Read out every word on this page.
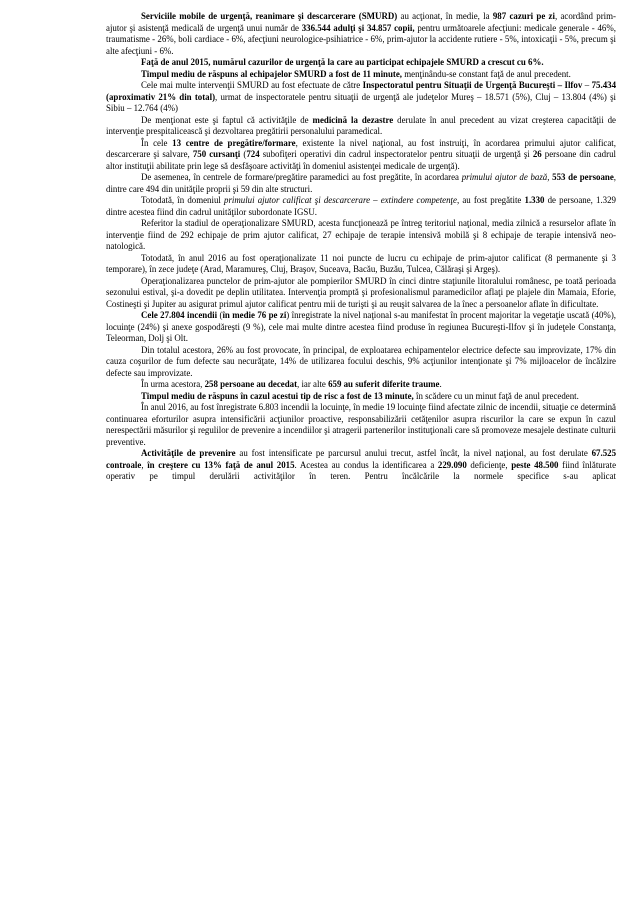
Serviciile mobile de urgenţă, reanimare şi descarcerare (SMURD) au acţionat, în medie, la 987 cazuri pe zi, acordând prim-ajutor şi asistenţă medicală de urgenţă unui număr de 336.544 adulţi şi 34.857 copii, pentru următoarele afecţiuni: medicale generale - 46%, traumatisme - 26%, boli cardiace - 6%, afecţiuni neurologice-psihiatrice - 6%, prim-ajutor la accidente rutiere - 5%, intoxicaţii - 5%, precum şi alte afecţiuni - 6%.

Faţă de anul 2015, numărul cazurilor de urgenţă la care au participat echipajele SMURD a crescut cu 6%.

Timpul mediu de răspuns al echipajelor SMURD a fost de 11 minute, menţinându-se constant faţă de anul precedent.

Cele mai multe intervenţii SMURD au fost efectuate de către Inspectoratul pentru Situaţii de Urgenţă Bucureşti – Ilfov – 75.434 (aproximativ 21% din total), urmat de inspectoratele pentru situaţii de urgenţă ale judeţelor Mureş – 18.571 (5%), Cluj – 13.804 (4%) şi Sibiu – 12.764 (4%)

De menţionat este şi faptul că activităţile de medicină la dezastre derulate în anul precedent au vizat creşterea capacităţii de intervenţie prespitalicească şi dezvoltarea pregătirii personalului paramedical.

În cele 13 centre de pregătire/formare, existente la nivel naţional, au fost instruiţi, în acordarea primului ajutor calificat, descarcerare şi salvare, 750 cursanţi (724 subofiţeri operativi din cadrul inspectoratelor pentru situaţii de urgenţă şi 26 persoane din cadrul altor instituţii abilitate prin lege să desfăşoare activităţi în domeniul asistenţei medicale de urgenţă).

De asemenea, în centrele de formare/pregătire paramedici au fost pregătite, în acordarea primului ajutor de bază, 553 de persoane, dintre care 494 din unităţile proprii şi 59 din alte structuri.

Totodată, în domeniul primului ajutor calificat şi descarcerare – extindere competenţe, au fost pregătite 1.330 de persoane, 1.329 dintre acestea fiind din cadrul unităţilor subordonate IGSU.

Referitor la stadiul de operaţionalizare SMURD, acesta funcţionează pe întreg teritoriul naţional, media zilnică a resurselor aflate în intervenţie fiind de 292 echipaje de prim ajutor calificat, 27 echipaje de terapie intensivă mobilă şi 8 echipaje de terapie intensivă neo-natologică.

Totodată, în anul 2016 au fost operaţionalizate 11 noi puncte de lucru cu echipaje de prim-ajutor calificat (8 permanente şi 3 temporare), în zece judeţe (Arad, Maramureş, Cluj, Braşov, Suceava, Bacău, Buzău, Tulcea, Călăraşi şi Argeş).

Operaţionalizarea punctelor de prim-ajutor ale pompierilor SMURD în cinci dintre staţiunile litoralului românesc, pe toată perioada sezonului estival, şi-a dovedit pe deplin utilitatea. Intervenţia promptă şi profesionalismul paramedicilor aflaţi pe plajele din Mamaia, Eforie, Costineşti şi Jupiter au asigurat primul ajutor calificat pentru mii de turişti şi au reuşit salvarea de la înec a persoanelor aflate în dificultate.

Cele 27.804 incendii (în medie 76 pe zi) înregistrate la nivel naţional s-au manifestat în procent majoritar la vegetaţie uscată (40%), locuinţe (24%) şi anexe gospodăreşti (9 %), cele mai multe dintre acestea fiind produse în regiunea Bucureşti-Ilfov şi în judeţele Constanţa, Teleorman, Dolj şi Olt.

Din totalul acestora, 26% au fost provocate, în principal, de exploatarea echipamentelor electrice defecte sau improvizate, 17% din cauza coşurilor de fum defecte sau necurăţate, 14% de utilizarea focului deschis, 9% acţiunilor intenţionate şi 7% mijloacelor de încălzire defecte sau improvizate.

În urma acestora, 258 persoane au decedat, iar alte 659 au suferit diferite traume.

Timpul mediu de răspuns în cazul acestui tip de risc a fost de 13 minute, în scădere cu un minut faţă de anul precedent.

În anul 2016, au fost înregistrate 6.803 incendii la locuinţe, în medie 19 locuinţe fiind afectate zilnic de incendii, situaţie ce determină continuarea eforturilor asupra intensificării acţiunilor proactive, responsabilizării cetăţenilor asupra riscurilor la care se expun în cazul nerespectării măsurilor şi regulilor de prevenire a incendiilor şi atragerii partenerilor instituţionali care să promoveze mesajele destinate culturii preventive.

Activităţile de prevenire au fost intensificate pe parcursul anului trecut, astfel încât, la nivel naţional, au fost derulate 67.525 controale, în creştere cu 13% faţă de anul 2015. Acestea au condus la identificarea a 229.090 deficienţe, peste 48.500 fiind înlăturate operativ pe timpul derulării activităţilor în teren. Pentru încălcările la normele specifice s-au aplicat
